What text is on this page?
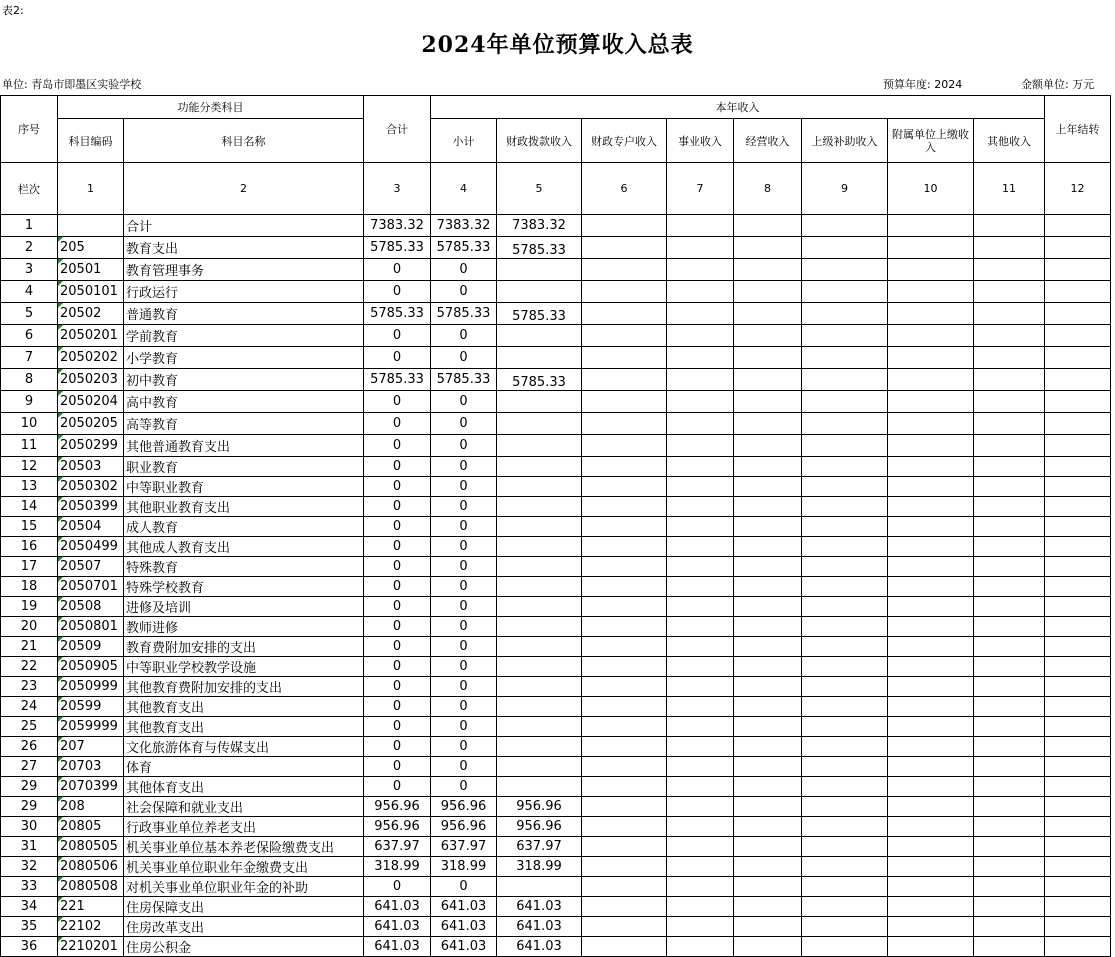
表2:
2024年单位预算收入总表
单位: 青岛市即墨区实验学校	预算年度: 2024	金额单位: 万元
序号	功能分类科目		合计	本年收入								上年结转
	科目编码	科目名称		小计	财政拨款收入	财政专户收入	事业收入	经营收入	上级补助收入	附属单位上缴收入	其他收入	
栏次	1	2	3	4	5	6	7	8	9	10	11	12
1		合计	7383.32	7383.32	7383.32							
2	205	教育支出	5785.33	5785.33	5785.33							
3	20501	教育管理事务	0	0								
4	2050101	行政运行	0	0								
5	20502	普通教育	5785.33	5785.33	5785.33							
6	2050201	学前教育	0	0								
7	2050202	小学教育	0	0								
8	2050203	初中教育	5785.33	5785.33	5785.33							
9	2050204	高中教育	0	0								
10	2050205	高等教育	0	0								
11	2050299	其他普通教育支出	0	0								
12	20503	职业教育	0	0								
13	2050302	中等职业教育	0	0								
14	2050399	其他职业教育支出	0	0								
15	20504	成人教育	0	0								
16	2050499	其他成人教育支出	0	0								
17	20507	特殊教育	0	0								
18	2050701	特殊学校教育	0	0								
19	20508	进修及培训	0	0								
20	2050801	教师进修	0	0								
21	20509	教育费附加安排的支出	0	0								
22	2050905	中等职业学校教学设施	0	0								
23	2050999	其他教育费附加安排的支出	0	0								
24	20599	其他教育支出	0	0								
25	2059999	其他教育支出	0	0								
26	207	文化旅游体育与传媒支出	0	0								
27	20703	体育	0	0								
29	2070399	其他体育支出	0	0								
29	208	社会保障和就业支出	956.96	956.96	956.96							
30	20805	行政事业单位养老支出	956.96	956.96	956.96							
31	2080505	机关事业单位基本养老保险缴费支出	637.97	637.97	637.97							
32	2080506	机关事业单位职业年金缴费支出	318.99	318.99	318.99							
33	2080508	对机关事业单位职业年金的补助	0	0								
34	221	住房保障支出	641.03	641.03	641.03							
35	22102	住房改革支出	641.03	641.03	641.03							
36	2210201	住房公积金	641.03	641.03	641.03							
